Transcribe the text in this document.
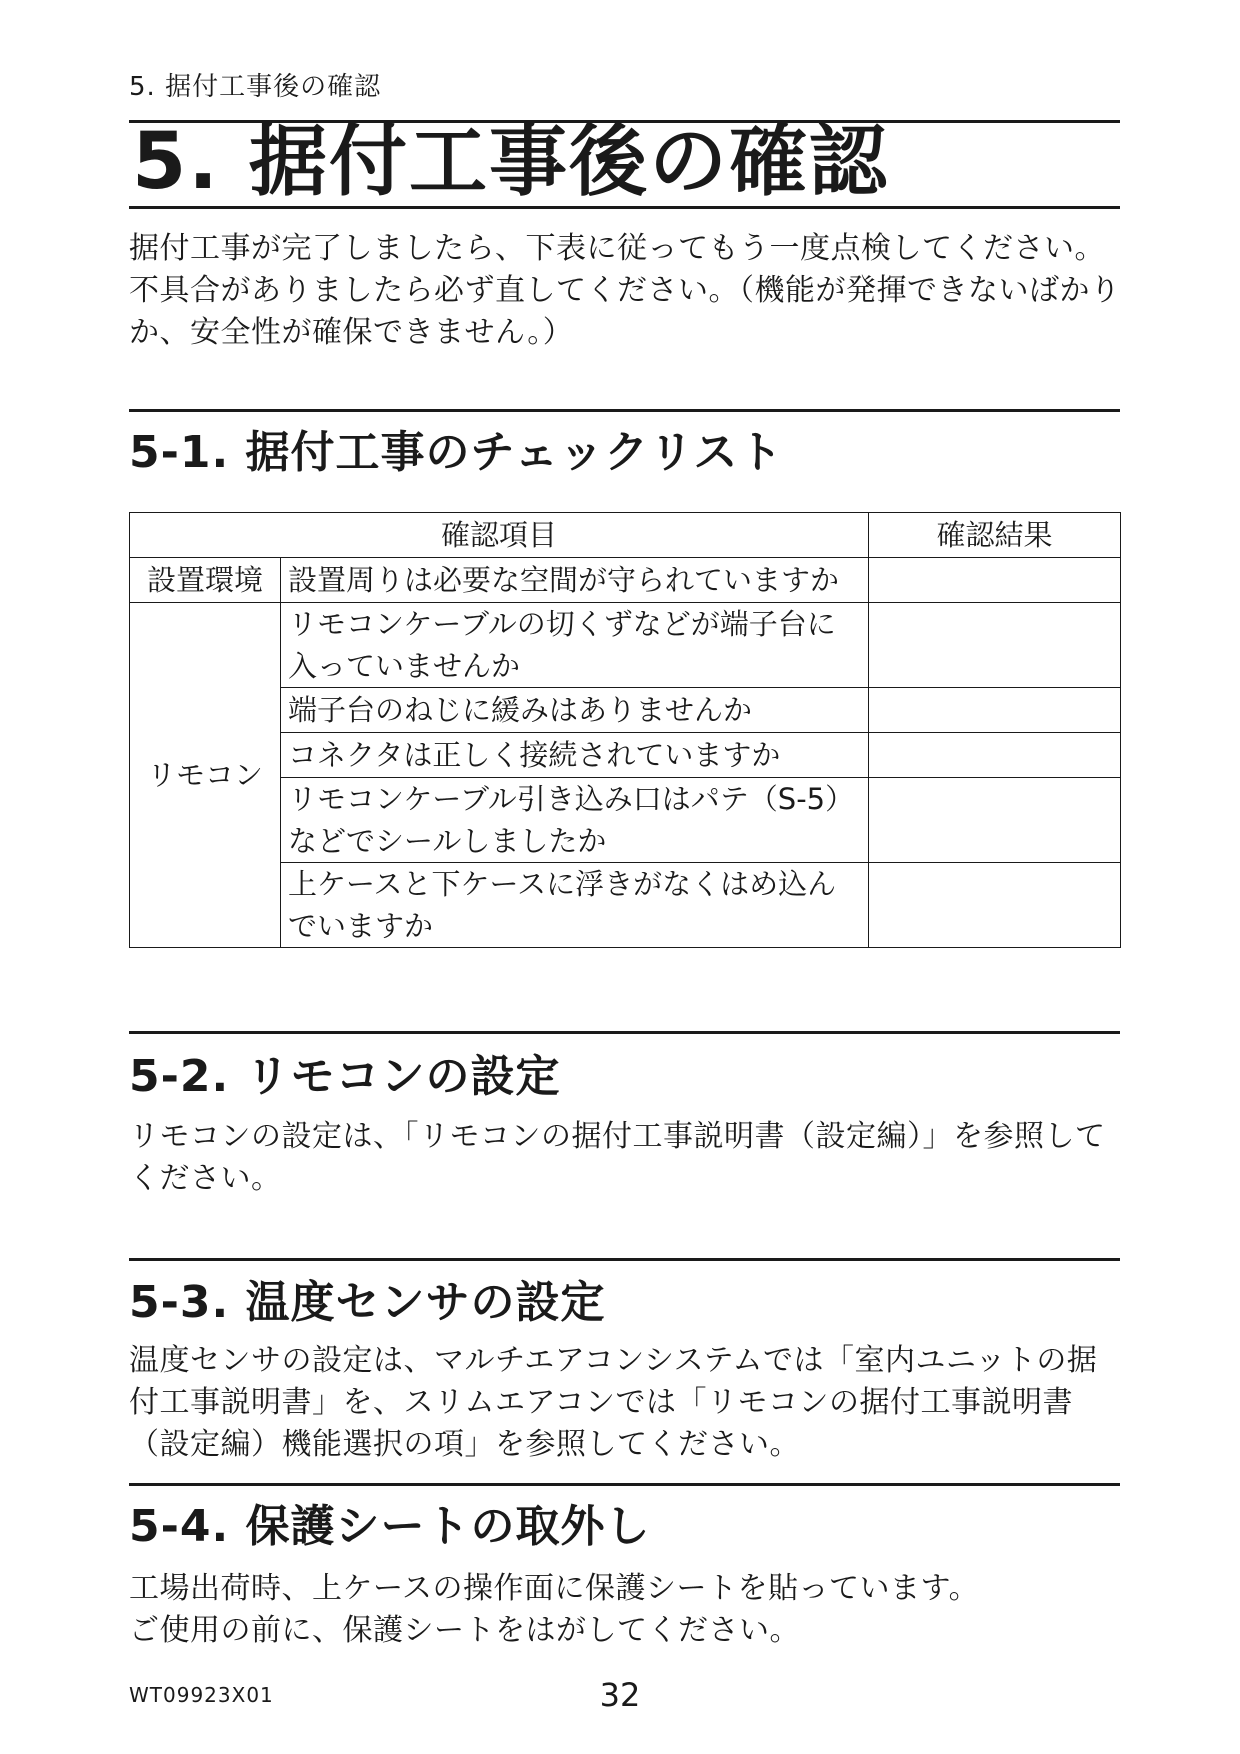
5. 据付工事後の確認
5. 据付工事後の確認
据付工事が完了しましたら、下表に従ってもう一度点検してください。不具合がありましたら必ず直してください。（機能が発揮できないばかりか、安全性が確保できません。）
5-1. 据付工事のチェックリスト
確認項目		確認結果
設置環境	設置周りは必要な空間が守られていますか	
リモコン	リモコンケーブルの切くずなどが端子台に入っていませんか	
	端子台のねじに緩みはありませんか	
	コネクタは正しく接続されていますか	
	リモコンケーブル引き込み口はパテ（S-5）などでシールしましたか	
	上ケースと下ケースに浮きがなくはめ込んでいますか	
5-2. リモコンの設定
リモコンの設定は、「リモコンの据付工事説明書（設定編）」を参照してください。
5-3. 温度センサの設定
温度センサの設定は、マルチエアコンシステムでは「室内ユニットの据付工事説明書」を、スリムエアコンでは「リモコンの据付工事説明書（設定編）機能選択の項」を参照してください。
5-4. 保護シートの取外し
工場出荷時、上ケースの操作面に保護シートを貼っています。
ご使用の前に、保護シートをはがしてください。
WT09923X01	32
